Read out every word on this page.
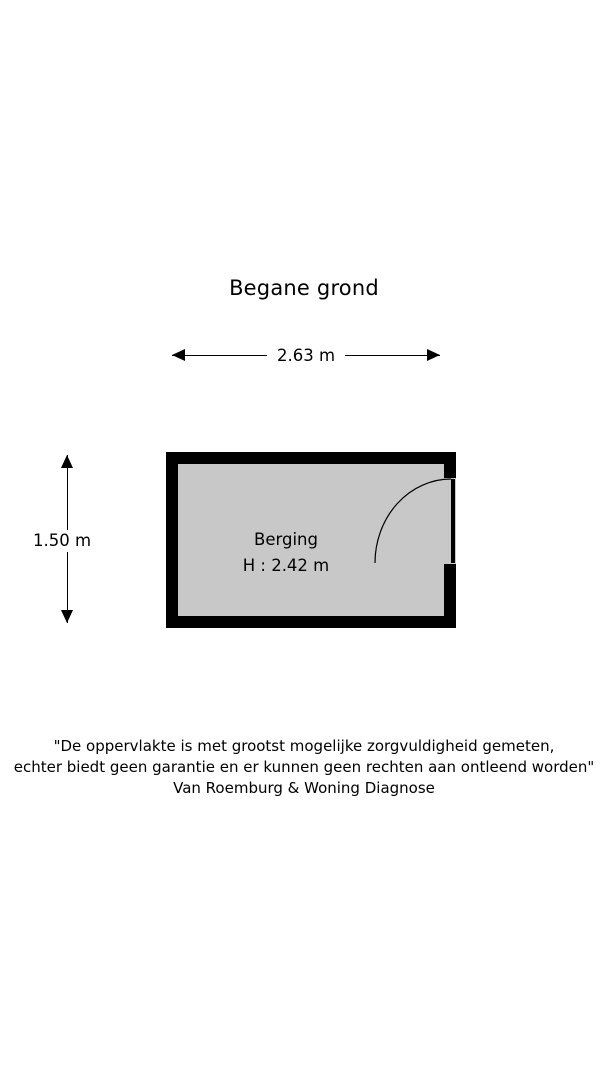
Begane grond
2.63 m
1.50 m	Berging
H : 2.42 m
"De oppervlakte is met grootst mogelijke zorgvuldigheid gemeten,
echter biedt geen garantie en er kunnen geen rechten aan ontleend worden"
Van Roemburg & Woning Diagnose
